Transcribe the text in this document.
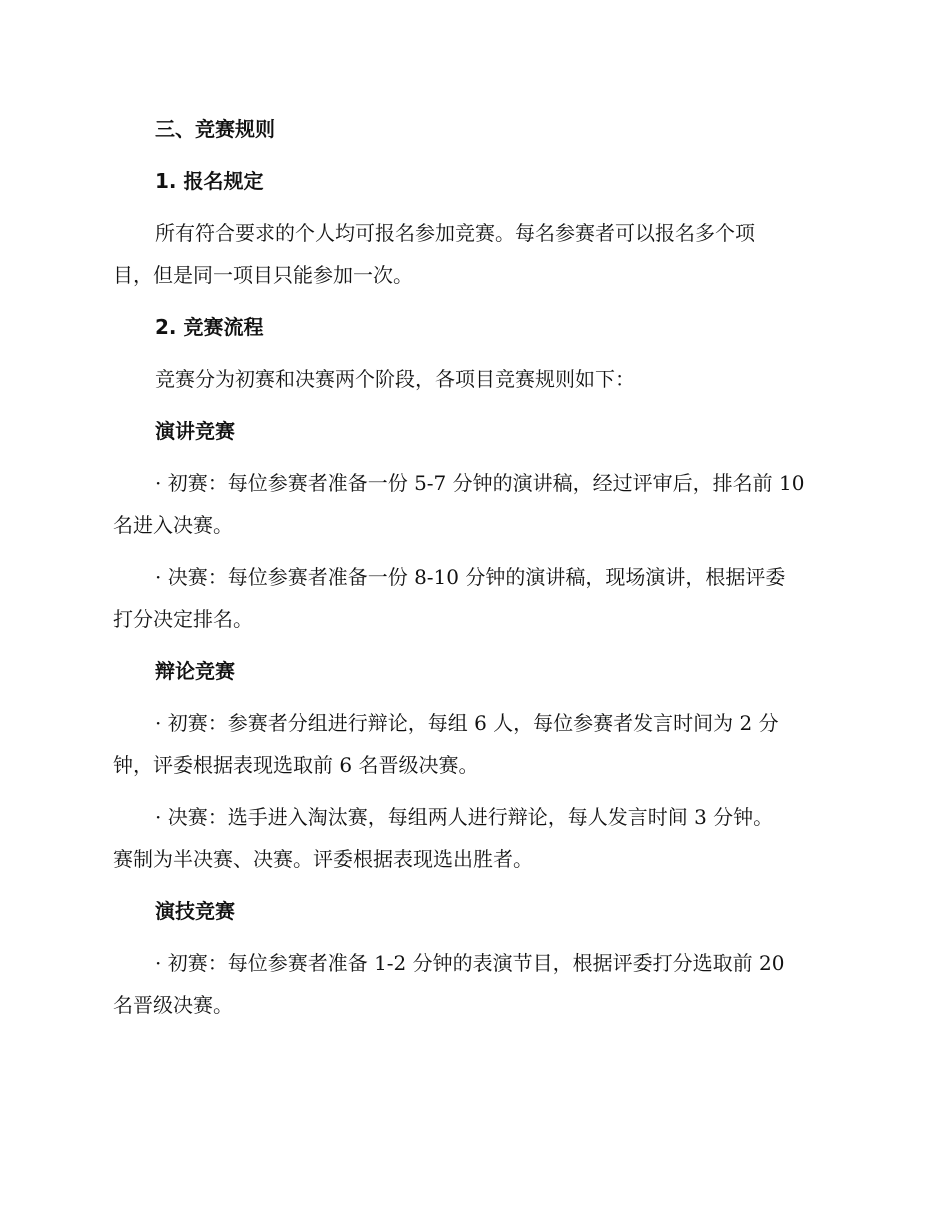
三、竞赛规则
1. 报名规定
所有符合要求的个人均可报名参加竞赛。每名参赛者可以报名多个项
目，但是同一项目只能参加一次。
2. 竞赛流程
竞赛分为初赛和决赛两个阶段，各项目竞赛规则如下：
演讲竞赛
· 初赛：每位参赛者准备一份 5-7 分钟的演讲稿，经过评审后，排名前 10
名进入决赛。
· 决赛：每位参赛者准备一份 8-10 分钟的演讲稿，现场演讲，根据评委
打分决定排名。
辩论竞赛
· 初赛：参赛者分组进行辩论，每组 6 人，每位参赛者发言时间为 2 分
钟，评委根据表现选取前 6 名晋级决赛。
· 决赛：选手进入淘汰赛，每组两人进行辩论，每人发言时间 3 分钟。
赛制为半决赛、决赛。评委根据表现选出胜者。
演技竞赛
· 初赛：每位参赛者准备 1-2 分钟的表演节目，根据评委打分选取前 20
名晋级决赛。
